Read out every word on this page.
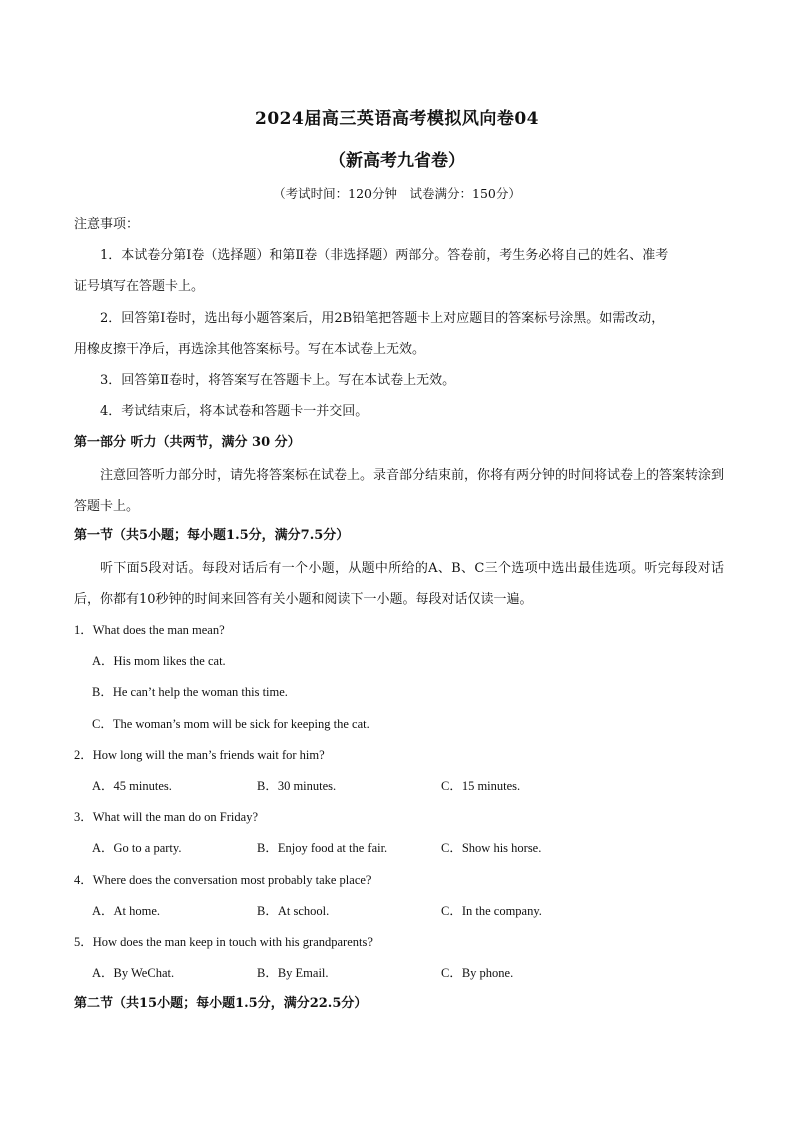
2024届高三英语高考模拟风向卷04
（新高考九省卷）
（考试时间：120分钟　试卷满分：150分）
注意事项：
1．本试卷分第Ⅰ卷（选择题）和第Ⅱ卷（非选择题）两部分。答卷前，考生务必将自己的姓名、准考
证号填写在答题卡上。
2．回答第Ⅰ卷时，选出每小题答案后，用2B铅笔把答题卡上对应题目的答案标号涂黑。如需改动，
用橡皮擦干净后，再选涂其他答案标号。写在本试卷上无效。
3．回答第Ⅱ卷时，将答案写在答题卡上。写在本试卷上无效。
4．考试结束后，将本试卷和答题卡一并交回。
第一部分 听力（共两节，满分 30 分）
注意回答听力部分时，请先将答案标在试卷上。录音部分结束前，你将有两分钟的时间将试卷上的答案转涂到答题卡上。
第一节（共5小题；每小题1.5分，满分7.5分）
听下面5段对话。每段对话后有一个小题，从题中所给的A、B、C三个选项中选出最佳选项。听完每段对话后，你都有10秒钟的时间来回答有关小题和阅读下一小题。每段对话仅读一遍。
1．What does the man mean?
A．His mom likes the cat.
B．He can’t help the woman this time.
C．The woman’s mom will be sick for keeping the cat.
2．How long will the man’s friends wait for him?
A．45 minutes.	B．30 minutes.	C．15 minutes.
3．What will the man do on Friday?
A．Go to a party.	B．Enjoy food at the fair.	C．Show his horse.
4．Where does the conversation most probably take place?
A．At home.	B．At school.	C．In the company.
5．How does the man keep in touch with his grandparents?
A．By WeChat.	B．By Email.	C．By phone.
第二节（共15小题；每小题1.5分，满分22.5分）
